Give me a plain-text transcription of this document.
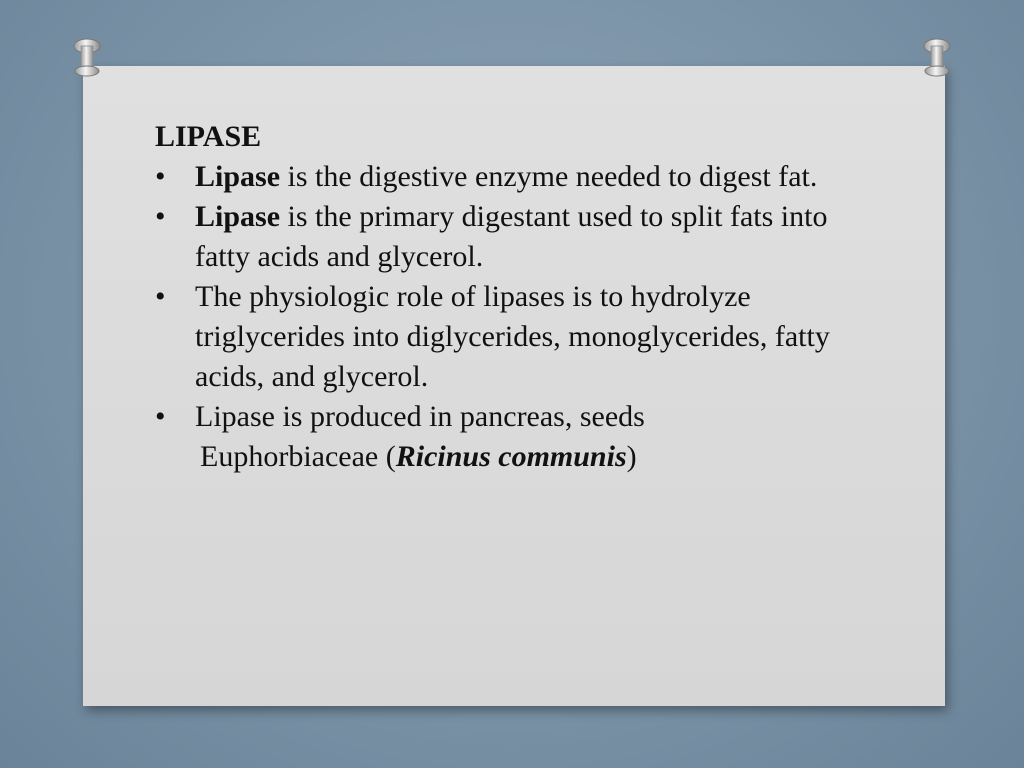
LIPASE

• Lipase is the digestive enzyme needed to digest fat.
• Lipase is the primary digestant used to split fats into fatty acids and glycerol.
• The physiologic role of lipases is to hydrolyze triglycerides into diglycerides, monoglycerides, fatty acids, and glycerol.
• Lipase is produced in pancreas, seeds
Euphorbiaceae (Ricinus communis)
